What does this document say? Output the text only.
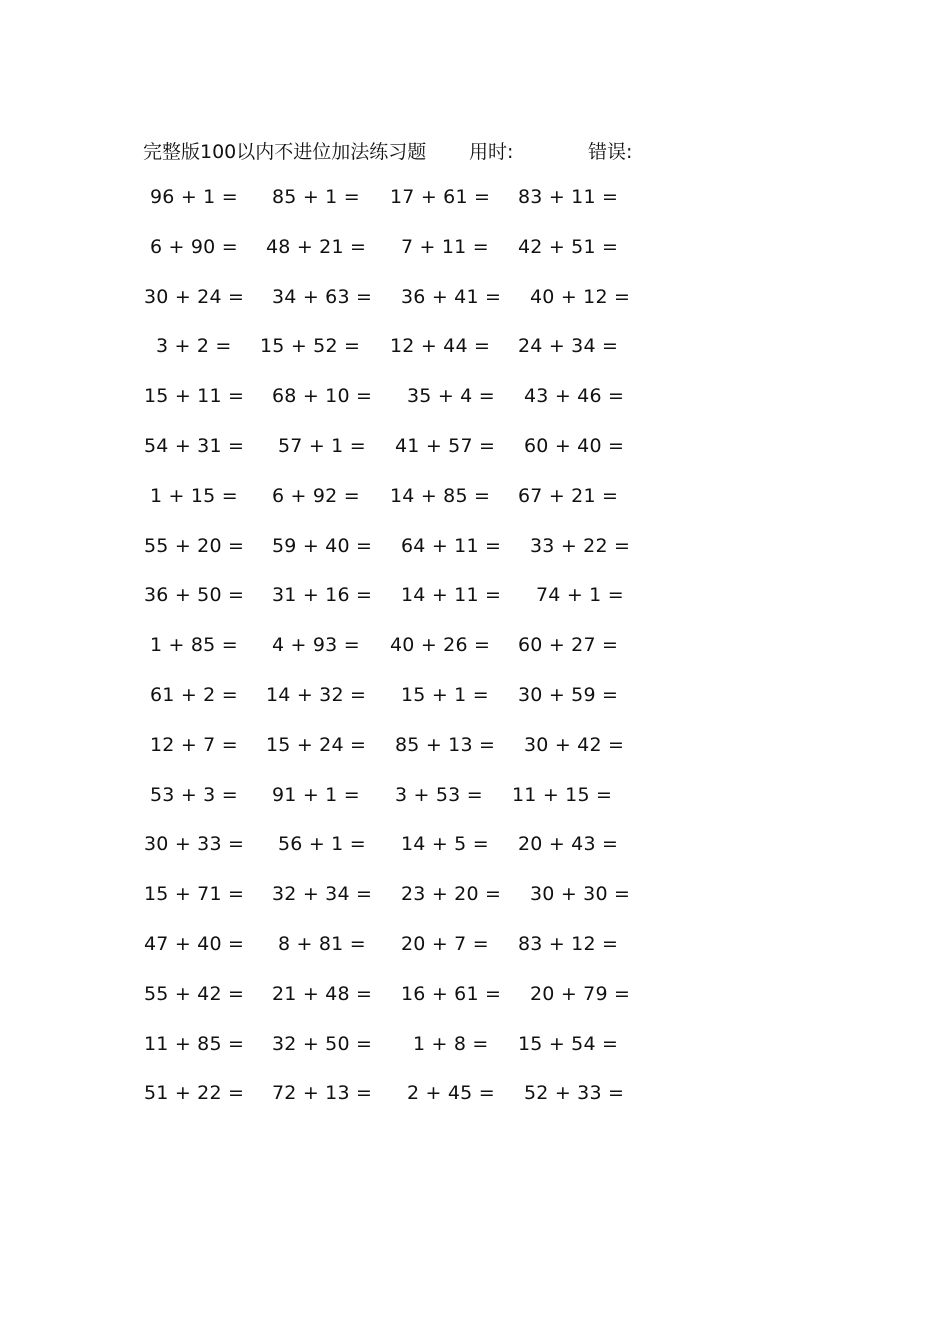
完整版100以内不进位加法练习题 用时:	错误:
96 + 1 = 85 + 1 = 17 + 61 = 83 + 11 =
6 + 90 = 48 + 21 = 7 + 11 = 42 + 51 =
30 + 24 = 34 + 63 = 36 + 41 = 40 + 12 =
3 + 2 = 15 + 52 = 12 + 44 = 24 + 34 =
15 + 11 = 68 + 10 = 35 + 4 = 43 + 46 =
54 + 31 = 57 + 1 = 41 + 57 = 60 + 40 =
1 + 15 = 6 + 92 = 14 + 85 = 67 + 21 =
55 + 20 = 59 + 40 = 64 + 11 = 33 + 22 =
36 + 50 = 31 + 16 = 14 + 11 = 74 + 1 =
1 + 85 = 4 + 93 = 40 + 26 = 60 + 27 =
61 + 2 = 14 + 32 = 15 + 1 = 30 + 59 =
12 + 7 = 15 + 24 = 85 + 13 = 30 + 42 =
53 + 3 = 91 + 1 = 3 + 53 = 11 + 15 =
30 + 33 = 56 + 1 = 14 + 5 = 20 + 43 =
15 + 71 = 32 + 34 = 23 + 20 = 30 + 30 =
47 + 40 = 8 + 81 = 20 + 7 = 83 + 12 =
55 + 42 = 21 + 48 = 16 + 61 = 20 + 79 =
11 + 85 = 32 + 50 = 1 + 8 = 15 + 54 =
51 + 22 = 72 + 13 = 2 + 45 = 52 + 33 =
